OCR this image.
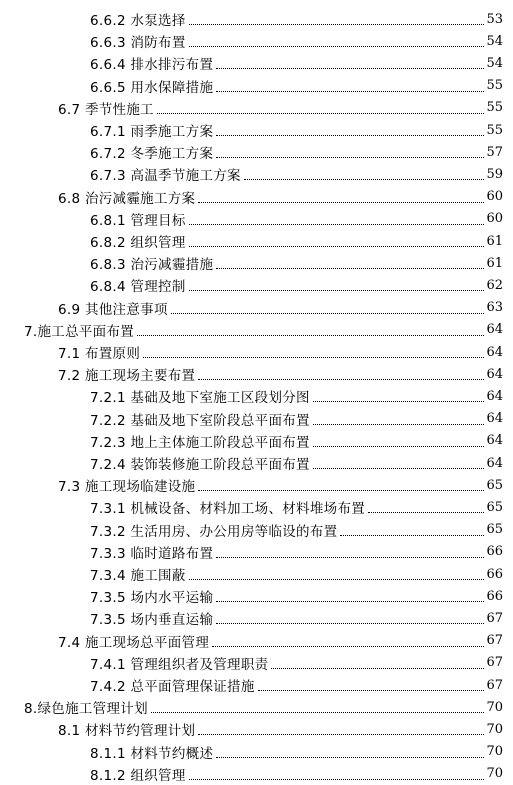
6.6.2 水泵选择	53
6.6.3 消防布置	54
6.6.4 排水排污布置	54
6.6.5 用水保障措施	55
6.7 季节性施工	55
6.7.1 雨季施工方案	55
6.7.2 冬季施工方案	57
6.7.3 高温季节施工方案	59
6.8 治污减霾施工方案	60
6.8.1 管理目标	60
6.8.2 组织管理	61
6.8.3 治污减霾措施	61
6.8.4 管理控制	62
6.9 其他注意事项	63
7.施工总平面布置	64
7.1 布置原则	64
7.2 施工现场主要布置	64
7.2.1 基础及地下室施工区段划分图	64
7.2.2 基础及地下室阶段总平面布置	64
7.2.3 地上主体施工阶段总平面布置	64
7.2.4 装饰装修施工阶段总平面布置	64
7.3 施工现场临建设施	65
7.3.1 机械设备、材料加工场、材料堆场布置	65
7.3.2 生活用房、办公用房等临设的布置	65
7.3.3 临时道路布置	66
7.3.4 施工围蔽	66
7.3.5 场内水平运输	66
7.3.5 场内垂直运输	67
7.4 施工现场总平面管理	67
7.4.1 管理组织者及管理职责	67
7.4.2 总平面管理保证措施	67
8.绿色施工管理计划	70
8.1 材料节约管理计划	70
8.1.1 材料节约概述	70
8.1.2 组织管理	70
